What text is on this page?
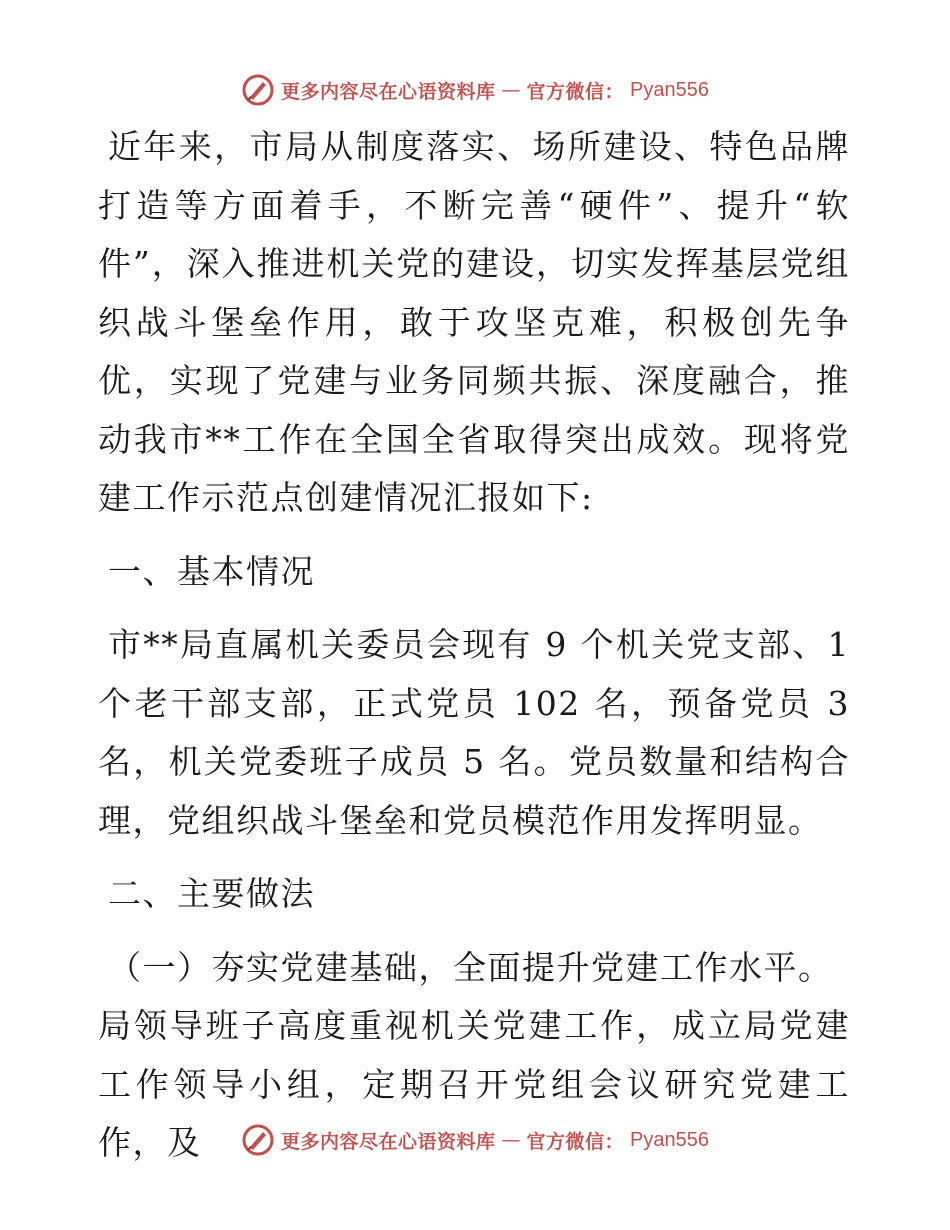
更多内容尽在心语资料库 — 官方微信： Pyan556

近年来，市局从制度落实、场所建设、特色品牌打造等方面着手，不断完善“硬件”、提升“软件”，深入推进机关党的建设，切实发挥基层党组织战斗堡垒作用，敢于攻坚克难，积极创先争优，实现了党建与业务同频共振、深度融合，推动我市**工作在全国全省取得突出成效。现将党建工作示范点创建情况汇报如下:

一、基本情况

市**局直属机关委员会现有 9 个机关党支部、1 个老干部支部，正式党员 102 名，预备党员 3 名，机关党委班子成员 5 名。党员数量和结构合理，党组织战斗堡垒和党员模范作用发挥明显。

二、主要做法

（一）夯实党建基础，全面提升党建工作水平。

局领导班子高度重视机关党建工作，成立局党建工作领导小组，定期召开党组会议研究党建工作，及	更多内容尽在心语资料库 — 官方微信： Pyan556
